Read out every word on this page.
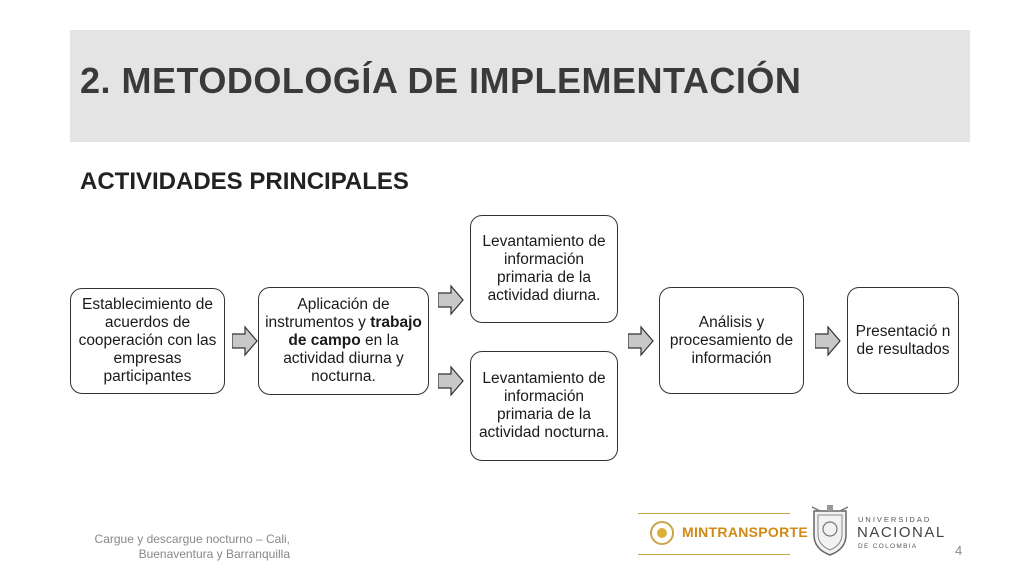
2. METODOLOGÍA DE IMPLEMENTACIÓN
ACTIVIDADES PRINCIPALES
Establecimiento de acuerdos de cooperación con las empresas participantes
Aplicación de instrumentos y trabajo de campo en la actividad diurna y nocturna.
Levantamiento de información primaria de la actividad diurna.
Levantamiento de información primaria de la actividad nocturna.
Análisis y procesamiento de información
Presentació n de resultados
Cargue y descargue nocturno – Cali,
Buenaventura y Barranquilla
MINTRANSPORTE
UNIVERSIDAD
NACIONAL
DE COLOMBIA	4
